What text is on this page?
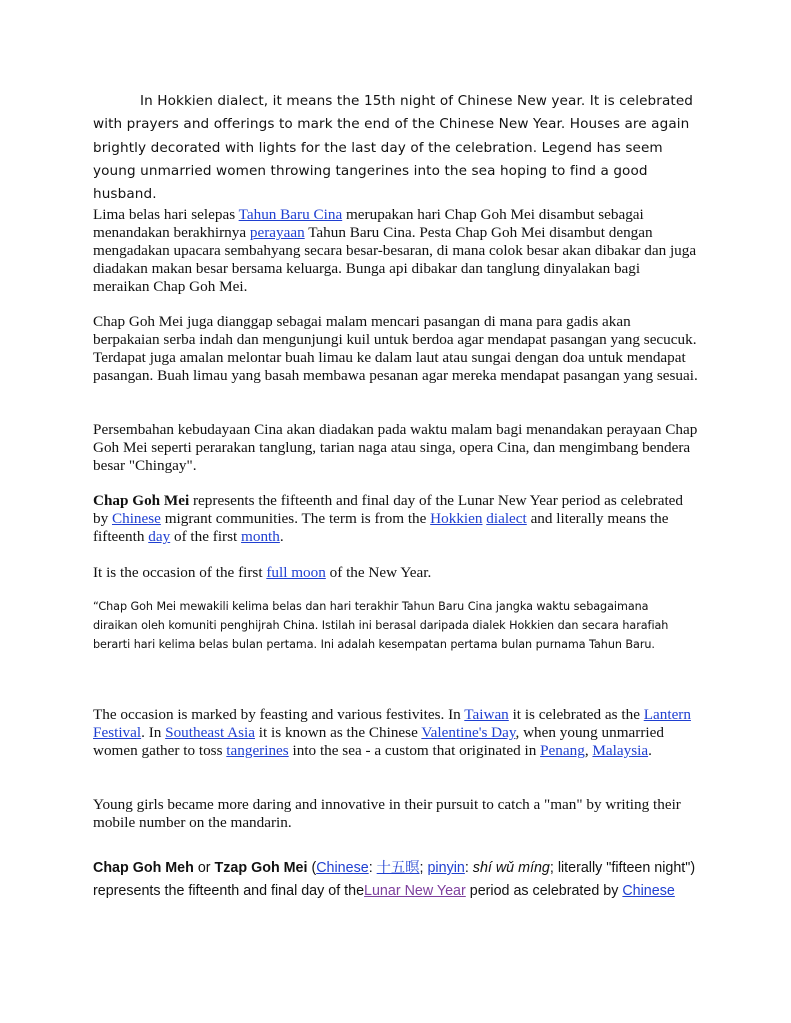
In Hokkien dialect, it means the 15th night of Chinese New year. It is celebrated with prayers and offerings to mark the end of the Chinese New Year. Houses are again brightly decorated with lights for the last day of the celebration. Legend has seem young unmarried women throwing tangerines into the sea hoping to find a good husband.

Lima belas hari selepas Tahun Baru Cina merupakan hari Chap Goh Mei disambut sebagai menandakan berakhirnya perayaan Tahun Baru Cina. Pesta Chap Goh Mei disambut dengan mengadakan upacara sembahyang secara besar-besaran, di mana colok besar akan dibakar dan juga diadakan makan besar bersama keluarga. Bunga api dibakar dan tanglung dinyalakan bagi meraikan Chap Goh Mei.

Chap Goh Mei juga dianggap sebagai malam mencari pasangan di mana para gadis akan berpakaian serba indah dan mengunjungi kuil untuk berdoa agar mendapat pasangan yang secucuk. Terdapat juga amalan melontar buah limau ke dalam laut atau sungai dengan doa untuk mendapat pasangan. Buah limau yang basah membawa pesanan agar mereka mendapat pasangan yang sesuai.

Persembahan kebudayaan Cina akan diadakan pada waktu malam bagi menandakan perayaan Chap Goh Mei seperti perarakan tanglung, tarian naga atau singa, opera Cina, dan mengimbang bendera besar "Chingay".

Chap Goh Mei represents the fifteenth and final day of the Lunar New Year period as celebrated by Chinese migrant communities. The term is from the Hokkien dialect and literally means the fifteenth day of the first month.

It is the occasion of the first full moon of the New Year.

“Chap Goh Mei mewakili kelima belas dan hari terakhir Tahun Baru Cina jangka waktu sebagaimana diraikan oleh komuniti penghijrah China. Istilah ini berasal daripada dialek Hokkien dan secara harafiah berarti hari kelima belas bulan pertama. Ini adalah kesempatan pertama bulan purnama Tahun Baru.

The occasion is marked by feasting and various festivites. In Taiwan it is celebrated as the Lantern Festival. In Southeast Asia it is known as the Chinese Valentine's Day, when young unmarried women gather to toss tangerines into the sea - a custom that originated in Penang, Malaysia.

Young girls became more daring and innovative in their pursuit to catch a "man" by writing their mobile number on the mandarin.

Chap Goh Meh or Tzap Goh Mei (Chinese: 十五暝; pinyin: shí wǔ míng; literally "fifteen night") represents the fifteenth and final day of theLunar New Year period as celebrated by Chinese
